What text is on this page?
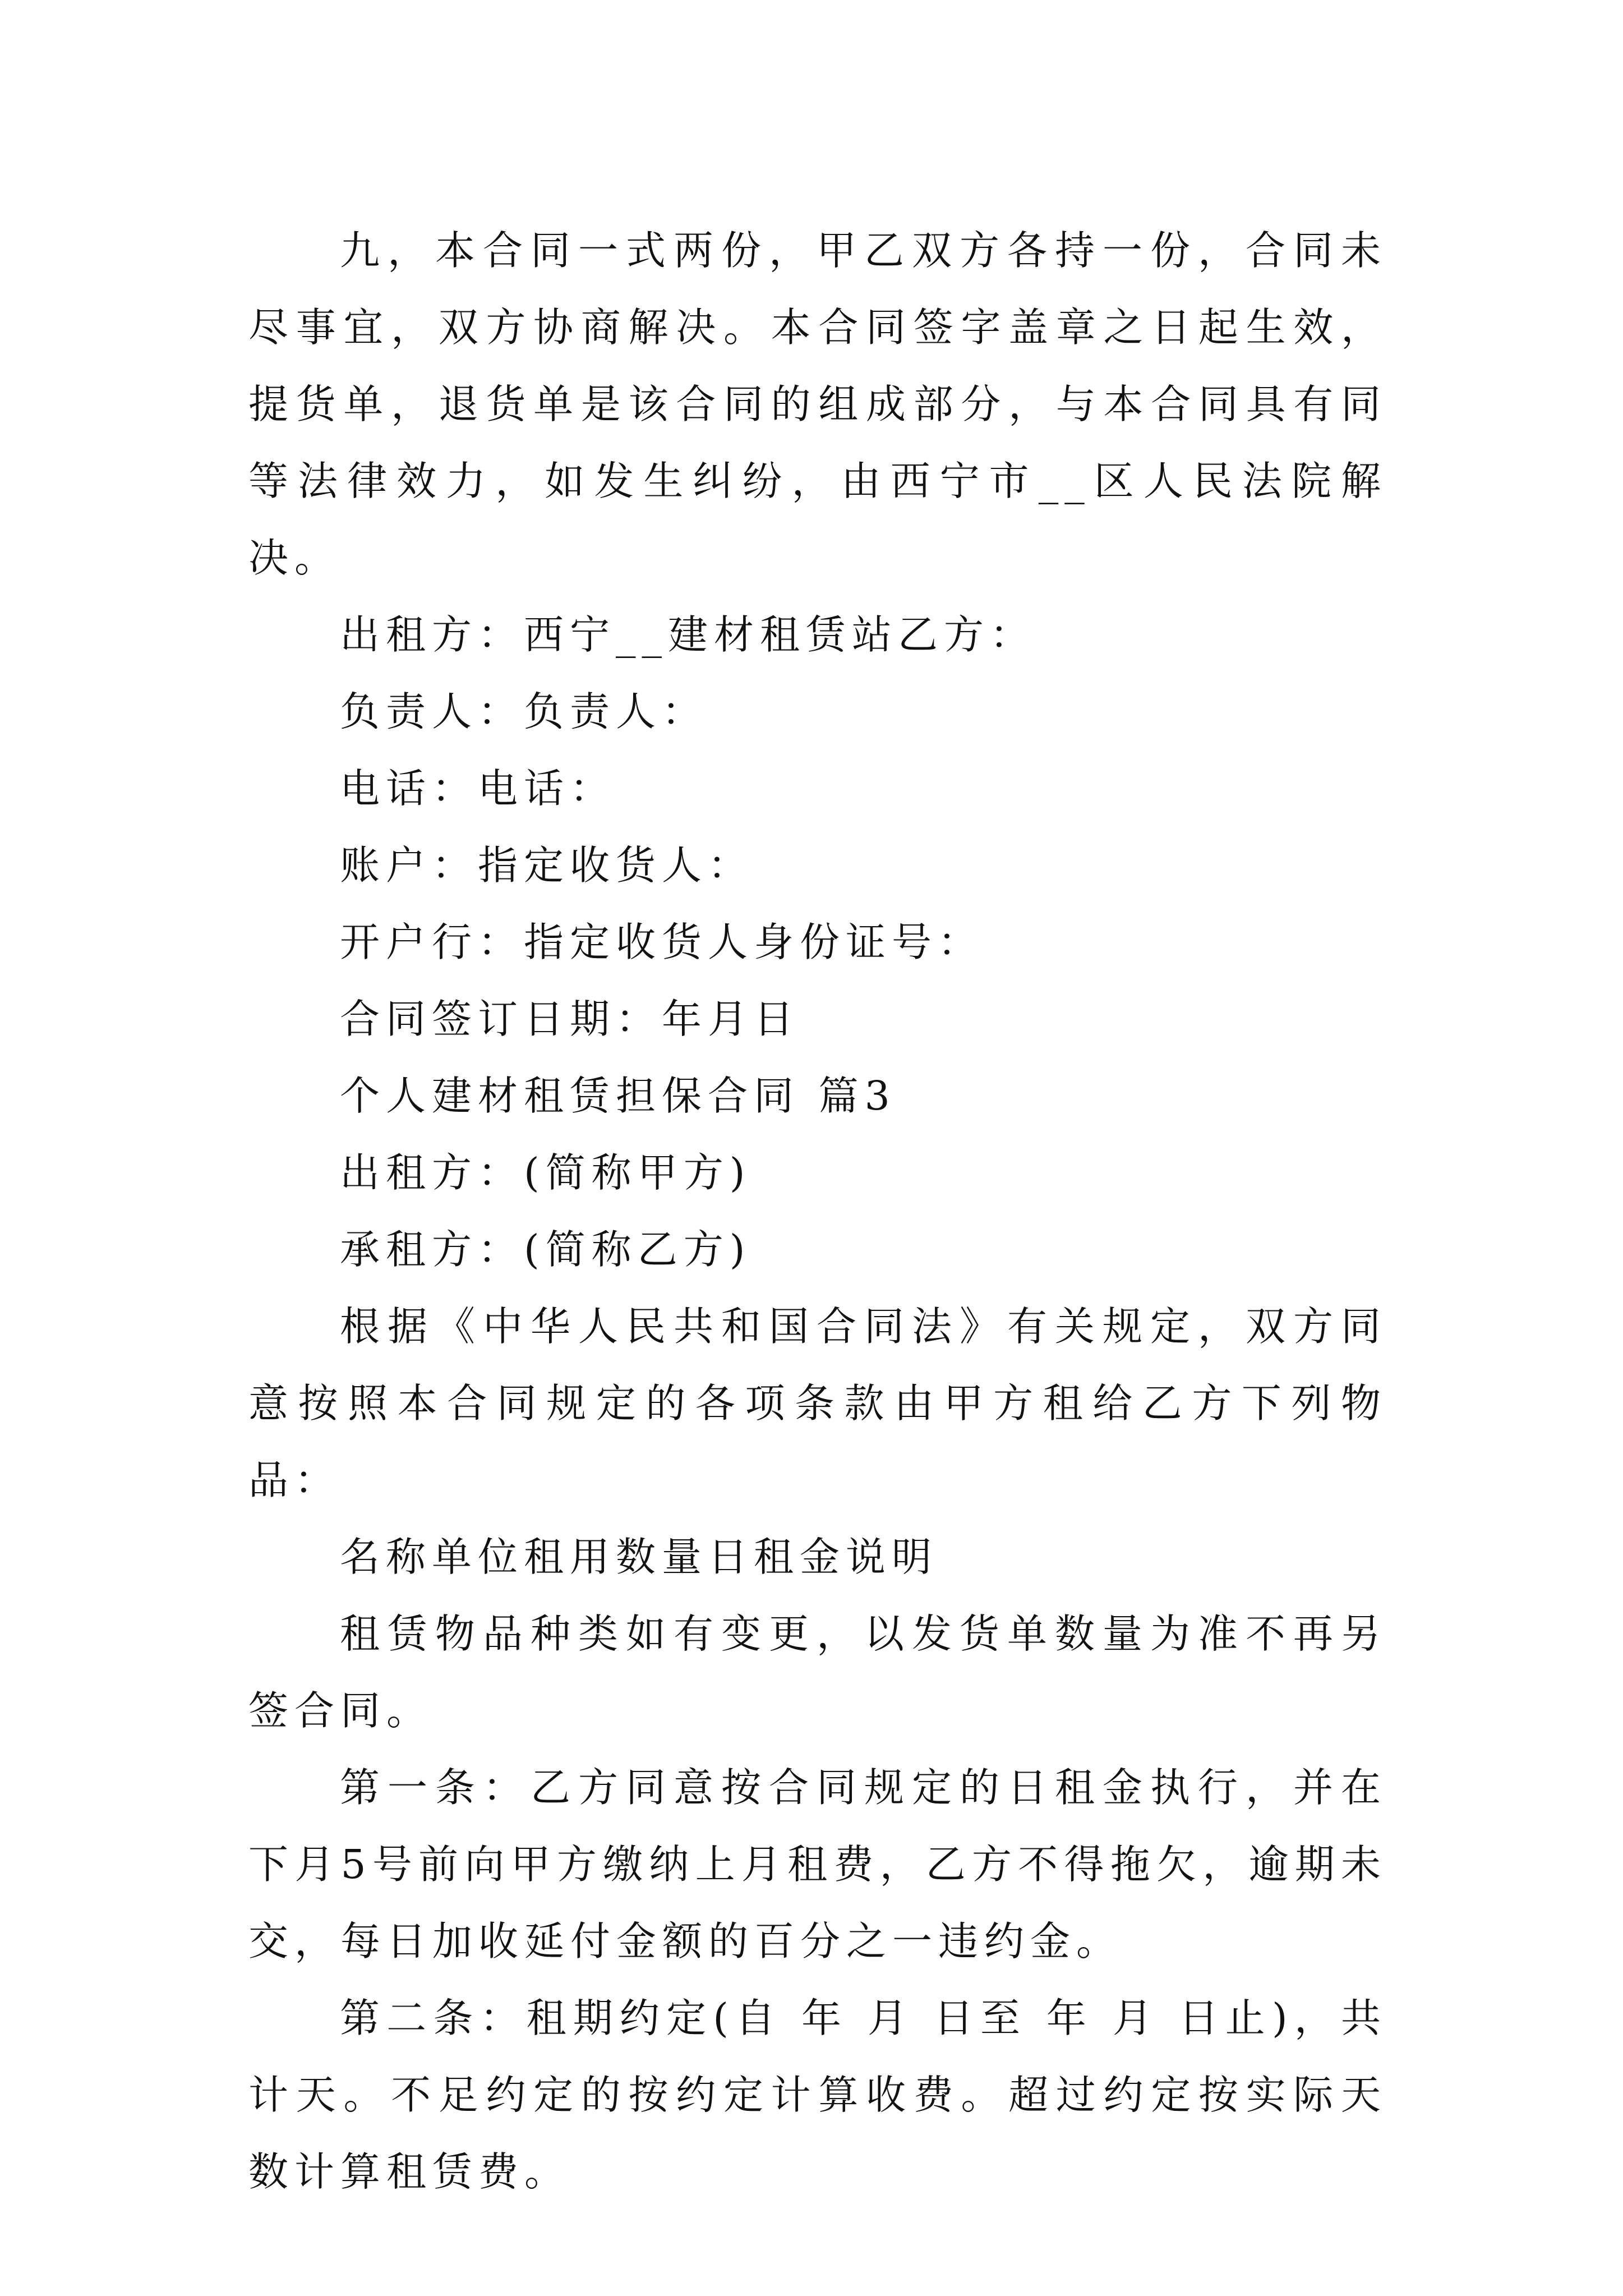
九，本合同一式两份，甲乙双方各持一份，合同未尽事宜，双方协商解决。本合同签字盖章之日起生效，提货单，退货单是该合同的组成部分，与本合同具有同等法律效力，如发生纠纷，由西宁市__区人民法院解决。

出租方：西宁__建材租赁站乙方：

负责人：负责人：

电话：电话：

账户：指定收货人：

开户行：指定收货人身份证号：

合同签订日期：年月日

个人建材租赁担保合同 篇3

出租方：(简称甲方)

承租方：(简称乙方)

根据《中华人民共和国合同法》有关规定，双方同意按照本合同规定的各项条款由甲方租给乙方下列物品：

名称单位租用数量日租金说明

租赁物品种类如有变更，以发货单数量为准不再另签合同。

第一条：乙方同意按合同规定的日租金执行，并在下月5号前向甲方缴纳上月租费，乙方不得拖欠，逾期未交，每日加收延付金额的百分之一违约金。

第二条：租期约定(自 年 月 日至 年 月 日止)，共计天。不足约定的按约定计算收费。超过约定按实际天数计算租赁费。
